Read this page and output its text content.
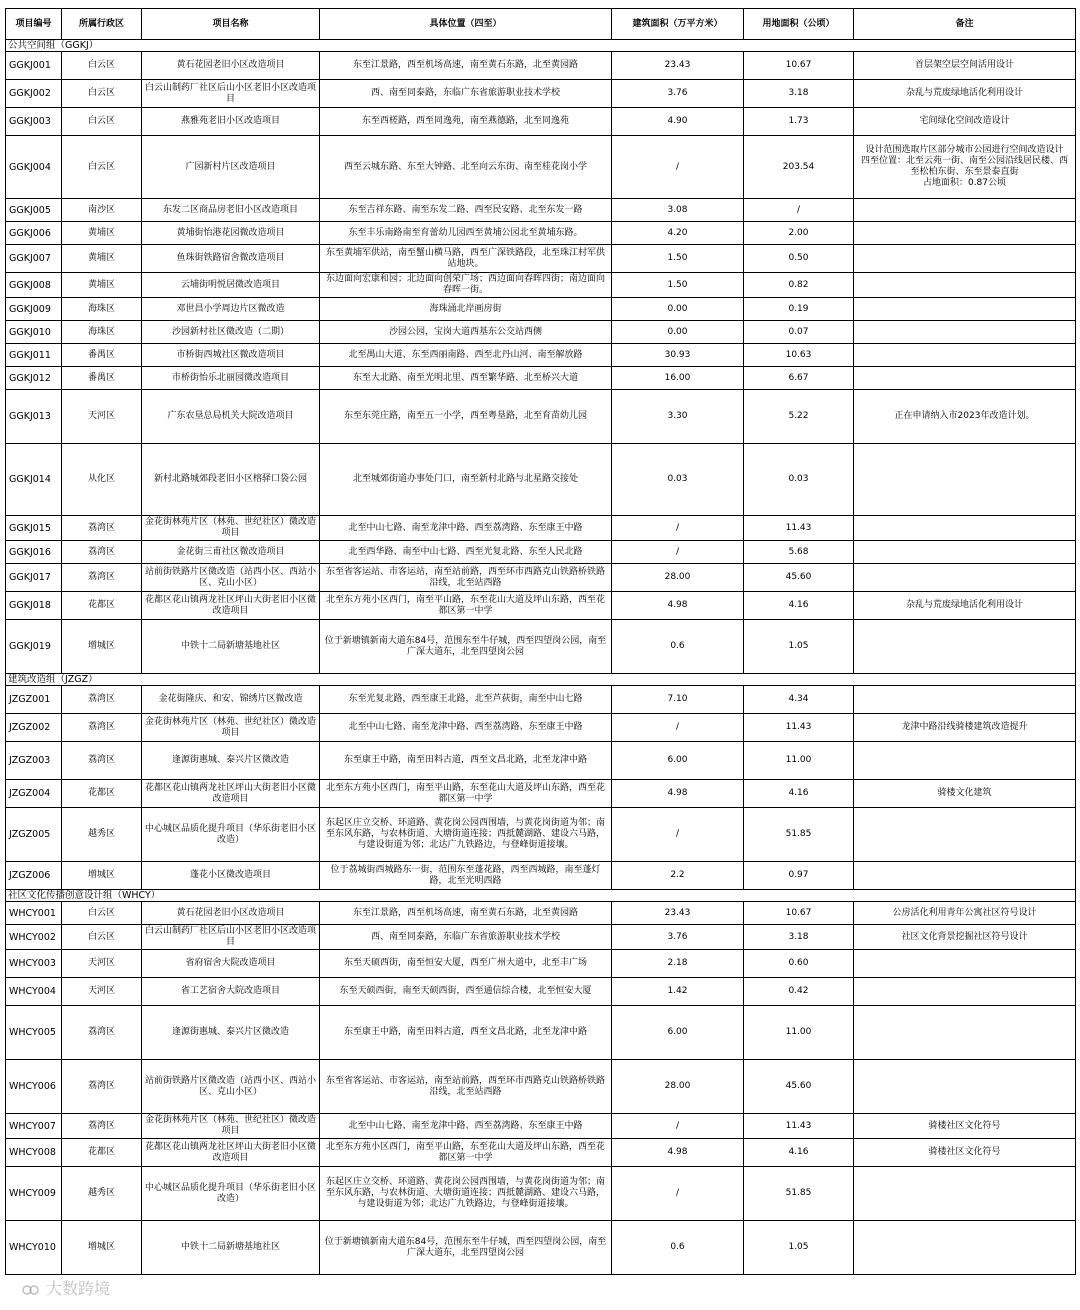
项目编号	所属行政区	项目名称	具体位置（四至）	建筑面积（万平方米）	用地面积（公顷）	备注
公共空间组（GGKJ）						
GGKJ001	白云区	黄石花园老旧小区改造项目	东至江景路，西至机场高速，南至黄石东路，北至黄园路	23.43	10.67	首层架空层空间活用设计
GGKJ002	白云区	白云山制药厂社区后山小区老旧小区改造项目	西、南至同泰路，东临广东省旅游职业技术学校	3.76	3.18	杂乱与荒废绿地活化利用设计
GGKJ003	白云区	燕雅苑老旧小区改造项目	东至西槎路，西至同逸苑，南至燕德路，北至同逸苑	4.90	1.73	宅间绿化空间改造设计
GGKJ004	白云区	广园新村片区改造项目	西至云城东路、东至大钟路、北至向云东街、南至桂花岗小学	/	203.54	设计范围选取片区部分城市公园进行空间改造设计
四至位置：北至云苑一街、南至公园沿线居民楼、西至松柏东街、东至景泰直街
占地面积：0.87公顷
GGKJ005	南沙区	东发二区商品房老旧小区改造项目	东至吉祥东路、南至东发二路、西至民安路、北至东发一路	3.08	/	
GGKJ006	黄埔区	黄埔街怡港花园微改造项目	东至丰乐南路南至育蕾幼儿园西至黄埔公园北至黄埔东路。	4.20	2.00	
GGKJ007	黄埔区	鱼珠街铁路宿舍微改造项目	东至黄埔军供站，南至蟹山横马路，西至广深铁路段，北至珠江村军供站地块。	1.50	0.50	
GGKJ008	黄埔区	云埔街明悦居微改造项目	东边面向宏康和园；北边面向创荣广场；西边面向春晖四街；南边面向春晖一街。	1.50	0.82	
GGKJ009	海珠区	邓世昌小学周边片区微改造	海珠涌北岸画房街	0.00	0.19	
GGKJ010	海珠区	沙园新村社区微改造（二期）	沙园公园，宝岗大道西基东公交站西侧	0.00	0.07	
GGKJ011	番禺区	市桥街西城社区微改造项目	北至禺山大道、东至西丽南路、西至北丹山河、南至解放路	30.93	10.63	
GGKJ012	番禺区	市桥街怡乐北丽园微改造项目	东至大北路、南至光明北里、西至繁华路、北至桥兴大道	16.00	6.67	
GGKJ013	天河区	广东农垦总局机关大院改造项目	东至东莞庄路，南至五一小学，西至粤垦路，北至育苗幼儿园	3.30	5.22	正在申请纳入市2023年改造计划。
GGKJ014	从化区	新村北路城郊段老旧小区榕驿口袋公园	北至城郊街道办事处门口，南至新村北路与北星路交接处	0.03	0.03	
GGKJ015	荔湾区	金花街林苑片区（林苑、世纪社区）微改造项目	北至中山七路、南至龙津中路、西至荔湾路、东至康王中路	/	11.43	
GGKJ016	荔湾区	金花街三甫社区微改造项目	北至西华路、南至中山七路、西至光复北路、东至人民北路	/	5.68	
GGKJ017	荔湾区	站前街铁路片区微改造（站西小区、西站小区、克山小区）	东至省客运站、市客运站，南至站前路，西至环市西路克山铁路桥铁路沿线，北至站西路	28.00	45.60	
GGKJ018	花都区	花都区花山镇两龙社区坪山大街老旧小区微改造项目	北至东方苑小区西门，南至平山路，东至花山大道及坪山东路，西至花都区第一中学	4.98	4.16	杂乱与荒废绿地活化利用设计
GGKJ019	增城区	中铁十二局新塘基地社区	位于新塘镇新南大道东84号，范围东至牛仔城，西至四望岗公园，南至广深大道东，北至四望岗公园	0.6	1.05	
建筑改造组（JZGZ）						
JZGZ001	荔湾区	金花街隆庆、和安、锦绣片区微改造	东至光复北路，西至康王北路，北至芦荻街，南至中山七路	7.10	4.34	
JZGZ002	荔湾区	金花街林苑片区（林苑、世纪社区）微改造项目	北至中山七路、南至龙津中路、西至荔湾路、东至康王中路	/	11.43	龙津中路沿线骑楼建筑改造提升
JZGZ003	荔湾区	逢源街惠城、泰兴片区微改造	东至康王中路，南至田料古道，西至文昌北路，北至龙津中路	6.00	11.00	
JZGZ004	花都区	花都区花山镇两龙社区坪山大街老旧小区微改造项目	北至东方苑小区西门，南至平山路，东至花山大道及坪山东路，西至花都区第一中学	4.98	4.16	骑楼文化建筑
JZGZ005	越秀区	中心城区品质化提升项目（华乐街老旧小区改造）	东起区庄立交桥、环道路、黄花岗公园西围墙，与黄花岗街道为邻；南至东风东路，与农林街道、大塘街道连接；西抵麓湖路、建设六马路，与建设街道为邻；北达广九铁路边，与登峰街道接壤。	/	51.85	
JZGZ006	增城区	蓬花小区微改造项目	位于荔城街西城路东一街，范围东至蓬花路，西至西城路，南至蓬灯路，北至光明西路	2.2	0.97	
社区文化传播创意设计组（WHCY）						
WHCY001	白云区	黄石花园老旧小区改造项目	东至江景路，西至机场高速，南至黄石东路，北至黄园路	23.43	10.67	公房活化利用青年公寓社区符号设计
WHCY002	白云区	白云山制药厂社区后山小区老旧小区改造项目	西、南至同泰路，东临广东省旅游职业技术学校	3.76	3.18	社区文化背景挖掘社区符号设计
WHCY003	天河区	省府宿舍大院改造项目	东至天硕西街，南至恒安大厦，西至广州大道中，北至丰广场	2.18	0.60	
WHCY004	天河区	省工艺宿舍大院改造项目	东至天硕西街，南至天硕西街，西至通信综合楼，北至恒安大厦	1.42	0.42	
WHCY005	荔湾区	逢源街惠城、泰兴片区微改造	东至康王中路，南至田料古道，西至文昌北路，北至龙津中路	6.00	11.00	
WHCY006	荔湾区	站前街铁路片区微改造（站西小区、西站小区、克山小区）	东至省客运站、市客运站，南至站前路，西至环市西路克山铁路桥铁路沿线，北至站西路	28.00	45.60	
WHCY007	荔湾区	金花街林苑片区（林苑、世纪社区）微改造项目	北至中山七路、南至龙津中路、西至荔湾路、东至康王中路	/	11.43	骑楼社区文化符号
WHCY008	花都区	花都区花山镇两龙社区坪山大街老旧小区微改造项目	北至东方苑小区西门，南至平山路，东至花山大道及坪山东路，西至花都区第一中学	4.98	4.16	骑楼社区文化符号
WHCY009	越秀区	中心城区品质化提升项目（华乐街老旧小区改造）	东起区庄立交桥、环道路、黄花岗公园西围墙，与黄花岗街道为邻；南至东风东路，与农林街道、大塘街道连接；西抵麓湖路、建设六马路，与建设街道为邻；北达广九铁路边，与登峰街道接壤。	/	51.85	
WHCY010	增城区	中铁十二局新塘基地社区	位于新塘镇新南大道东84号，范围东至牛仔城，西至四望岗公园，南至广深大道东，北至四望岗公园	0.6	1.05	
大数跨境
